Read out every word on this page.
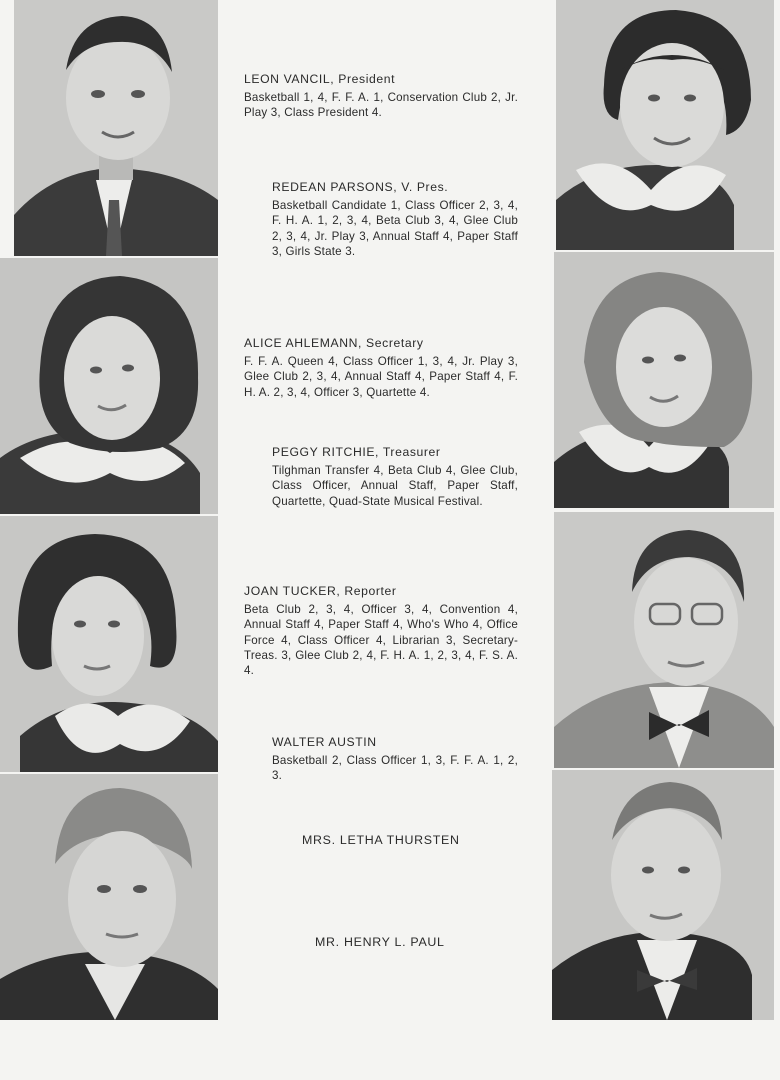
LEON VANCIL, President
Basketball 1, 4, F. F. A. 1, Conservation Club 2, Jr. Play 3, Class President 4.
REDEAN PARSONS, V. Pres.
Basketball Candidate 1, Class Officer 2, 3, 4, F. H. A. 1, 2, 3, 4, Beta Club 3, 4, Glee Club 2, 3, 4, Jr. Play 3, Annual Staff 4, Paper Staff 3, Girls State 3.
ALICE AHLEMANN, Secretary
F. F. A. Queen 4, Class Officer 1, 3, 4, Jr. Play 3, Glee Club 2, 3, 4, Annual Staff 4, Paper Staff 4, F. H. A. 2, 3, 4, Officer 3, Quartette 4.
PEGGY RITCHIE, Treasurer
Tilghman Transfer 4, Beta Club 4, Glee Club, Class Officer, Annual Staff, Paper Staff, Quartette, Quad-State Musical Festival.
JOAN TUCKER, Reporter
Beta Club 2, 3, 4, Officer 3, 4, Convention 4, Annual Staff 4, Paper Staff 4, Who's Who 4, Office Force 4, Class Officer 4, Librarian 3, Secretary-Treas. 3, Glee Club 2, 4, F. H. A. 1, 2, 3, 4, F. S. A. 4.
WALTER AUSTIN
Basketball 2, Class Officer 1, 3, F. F. A. 1, 2, 3.
MRS. LETHA THURSTEN
MR. HENRY L. PAUL
